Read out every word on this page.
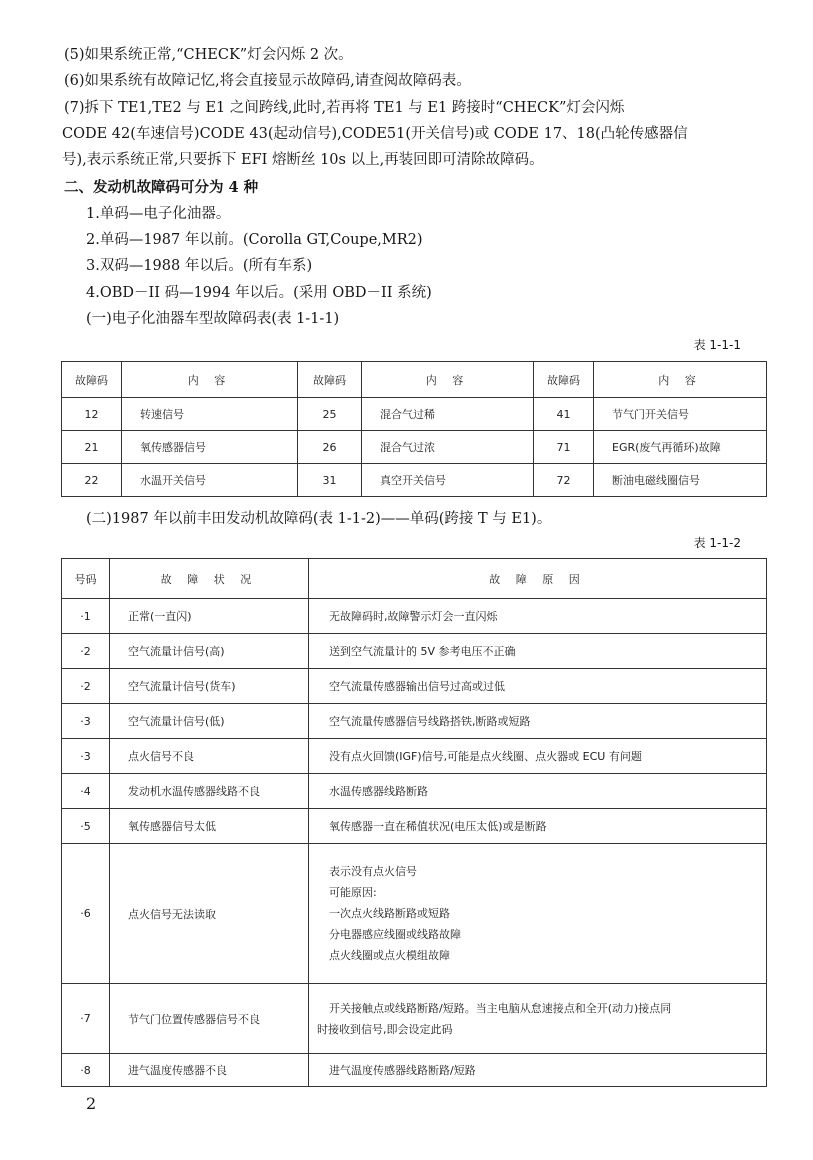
(5)如果系统正常,“CHECK”灯会闪烁 2 次。

(6)如果系统有故障记忆,将会直接显示故障码,请查阅故障码表。

(7)拆下 TE1,TE2 与 E1 之间跨线,此时,若再将 TE1 与 E1 跨接时“CHECK”灯会闪烁

CODE 42(车速信号)CODE 43(起动信号),CODE51(开关信号)或 CODE 17、18(凸轮传感器信

号),表示系统正常,只要拆下 EFI 熔断丝 10s 以上,再装回即可清除故障码。

二、发动机故障码可分为 4 种

1.单码—电子化油器。

2.单码—1987 年以前。(Corolla GT,Coupe,MR2)

3.双码—1988 年以后。(所有车系)

4.OBD－II 码—1994 年以后。(采用 OBD－II 系统)

(一)电子化油器车型故障码表(表 1-1-1)

表 1-1-1
故障码	内 容	故障码	内 容	故障码	内 容
12	转速信号	25	混合气过稀	41	节气门开关信号
21	氧传感器信号	26	混合气过浓	71	EGR(废气再循环)故障
22	水温开关信号	31	真空开关信号	72	断油电磁线圈信号

(二)1987 年以前丰田发动机故障码(表 1-1-2)——单码(跨接 T 与 E1)。

表 1-1-2
号码	故 障 状 况	故 障 原 因
·1	正常(一直闪)	无故障码时,故障警示灯会一直闪烁
·2	空气流量计信号(高)	送到空气流量计的 5V 参考电压不正确
·2	空气流量计信号(货车)	空气流量传感器输出信号过高或过低
·3	空气流量计信号(低)	空气流量传感器信号线路搭铁,断路或短路
·3	点火信号不良	没有点火回馈(IGF)信号,可能是点火线圈、点火器或 ECU 有问题
·4	发动机水温传感器线路不良	水温传感器线路断路
·5	氧传感器信号太低	氧传感器一直在稀值状况(电压太低)或是断路
·6	点火信号无法读取	表示没有点火信号
可能原因:
一次点火线路断路或短路
分电器感应线圈或线路故障
点火线圈或点火模组故障

·7	节气门位置传感器信号不良	开关接触点或线路断路/短路。当主电脑从怠速接点和全开(动力)接点同
时接收到信号,即会设定此码

·8	进气温度传感器不良	进气温度传感器线路断路/短路
2
